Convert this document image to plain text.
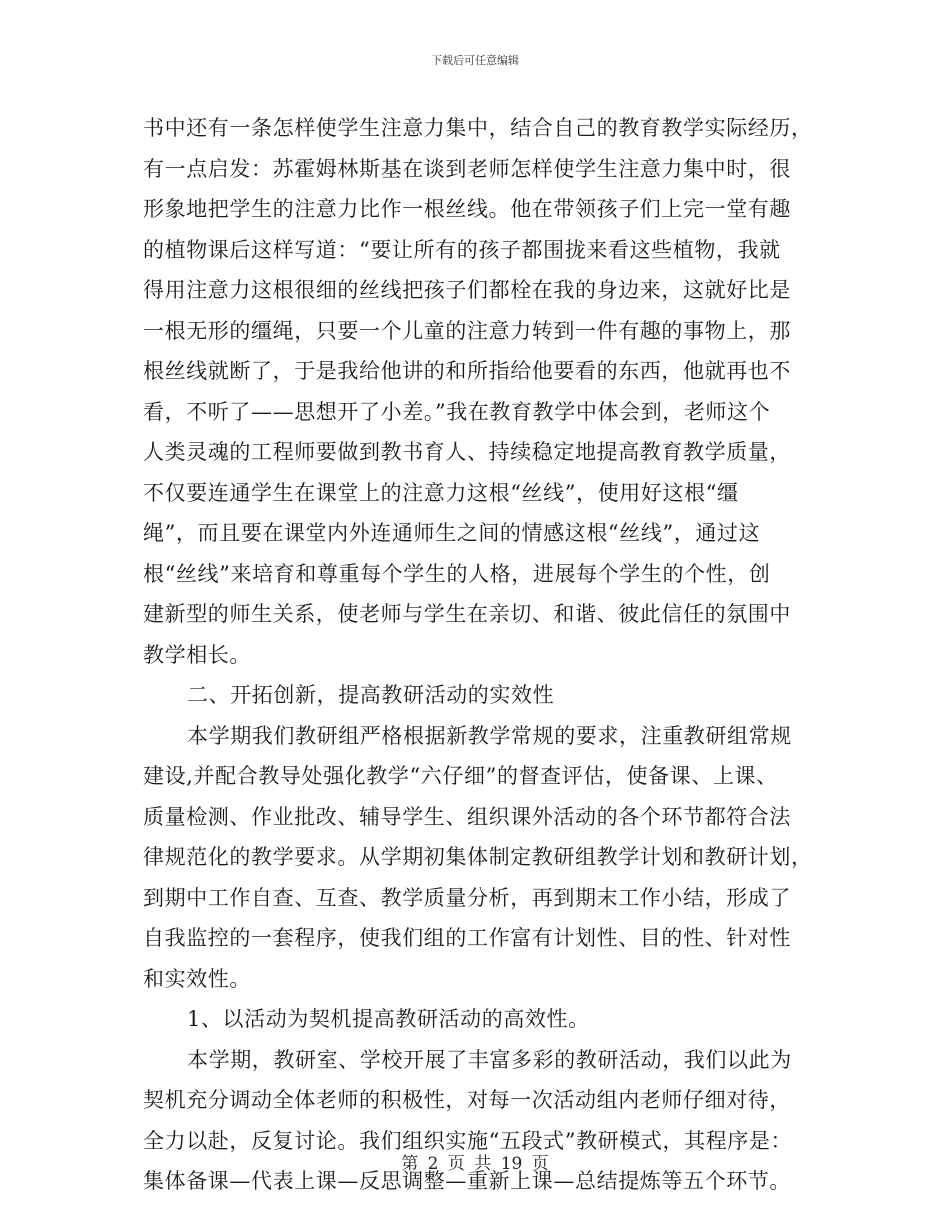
下载后可任意编辑
书中还有一条怎样使学生注意力集中，结合自己的教育教学实际经历，
有一点启发：苏霍姆林斯基在谈到老师怎样使学生注意力集中时，很
形象地把学生的注意力比作一根丝线。他在带领孩子们上完一堂有趣
的植物课后这样写道：“要让所有的孩子都围拢来看这些植物，我就
得用注意力这根很细的丝线把孩子们都栓在我的身边来，这就好比是
一根无形的缰绳，只要一个儿童的注意力转到一件有趣的事物上，那
根丝线就断了，于是我给他讲的和所指给他要看的东西，他就再也不
看，不听了——思想开了小差。”我在教育教学中体会到，老师这个
人类灵魂的工程师要做到教书育人、持续稳定地提高教育教学质量，
不仅要连通学生在课堂上的注意力这根“丝线”，使用好这根“缰
绳”，而且要在课堂内外连通师生之间的情感这根“丝线”，通过这
根“丝线”来培育和尊重每个学生的人格，进展每个学生的个性，创
建新型的师生关系，使老师与学生在亲切、和谐、彼此信任的氛围中
教学相长。
二、开拓创新，提高教研活动的实效性
本学期我们教研组严格根据新教学常规的要求，注重教研组常规
建设,并配合教导处强化教学“六仔细”的督查评估，使备课、上课、
质量检测、作业批改、辅导学生、组织课外活动的各个环节都符合法
律规范化的教学要求。从学期初集体制定教研组教学计划和教研计划，
到期中工作自查、互查、教学质量分析，再到期末工作小结，形成了
自我监控的一套程序，使我们组的工作富有计划性、目的性、针对性
和实效性。
1、以活动为契机提高教研活动的高效性。
本学期，教研室、学校开展了丰富多彩的教研活动，我们以此为
契机充分调动全体老师的积极性，对每一次活动组内老师仔细对待，
全力以赴，反复讨论。我们组织实施“五段式”教研模式，其程序是：
集体备课—代表上课—反思调整—重新上课—总结提炼等五个环节。
第 2 页 共 19 页
